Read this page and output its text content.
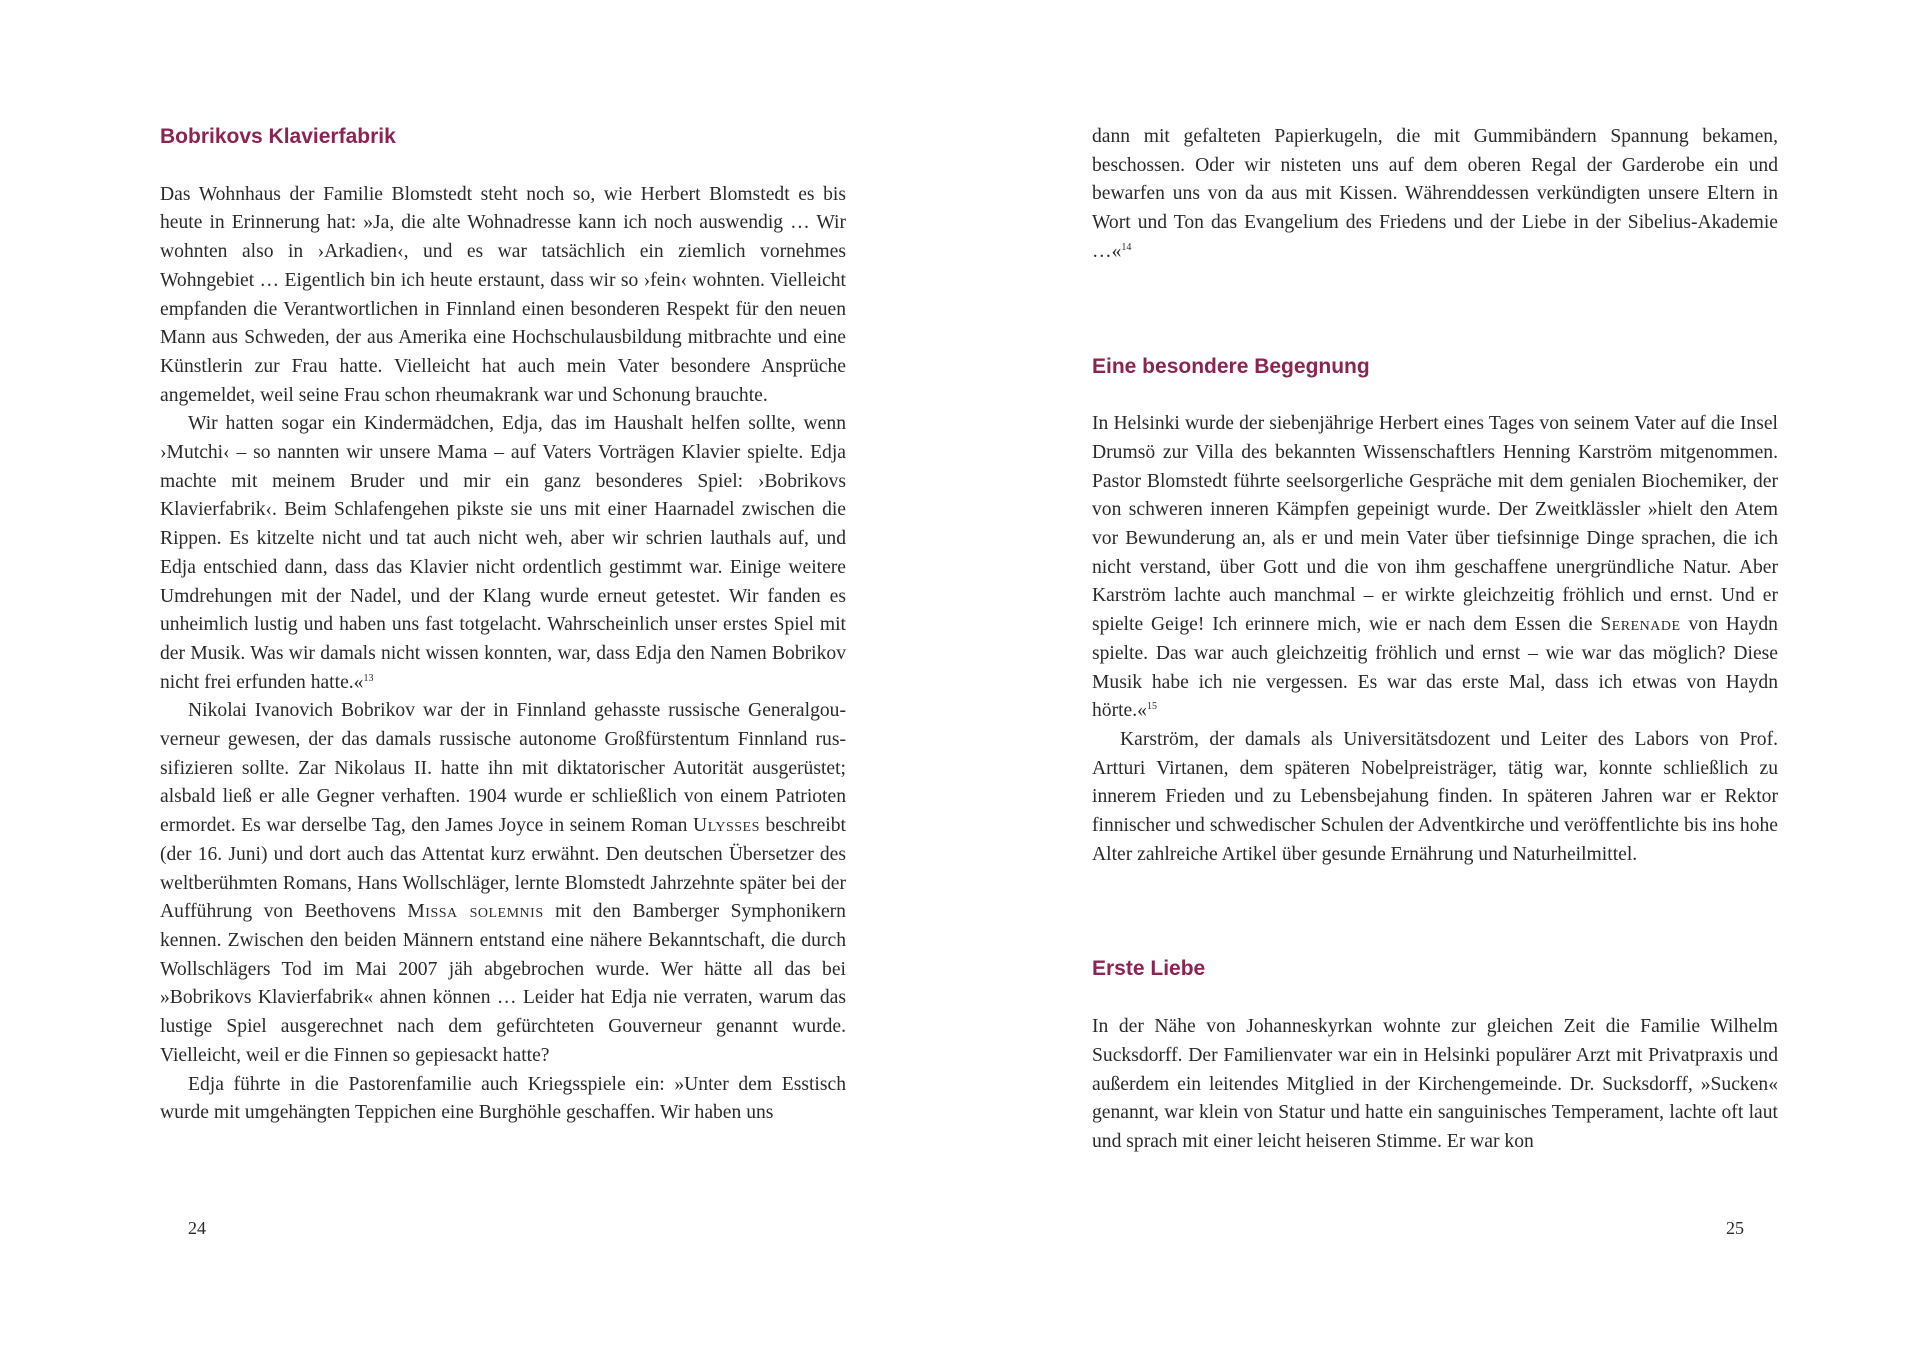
Bobrikovs Klavierfabrik

Das Wohnhaus der Familie Blomstedt steht noch so, wie Herbert Blomstedt es bis heute in Erinnerung hat: »Ja, die alte Wohnadresse kann ich noch auswendig … Wir wohnten also in ›Arkadien‹, und es war tatsächlich ein ziemlich vornehmes Wohngebiet … Eigentlich bin ich heute erstaunt, dass wir so ›fein‹ wohnten. Vielleicht empfanden die Verantwortlichen in Finnland einen besonderen Respekt für den neuen Mann aus Schweden, der aus Amerika eine Hochschulausbildung mitbrachte und eine Künstlerin zur Frau hatte. Vielleicht hat auch mein Vater besondere Ansprüche angemeldet, weil seine Frau schon rheumakrank war und Schonung brauchte.

Wir hatten sogar ein Kindermädchen, Edja, das im Haushalt helfen sollte, wenn ›Mutchi‹ – so nannten wir unsere Mama – auf Vaters Vorträgen Klavier spielte. Edja machte mit meinem Bruder und mir ein ganz besonderes Spiel: ›Bobrikovs Klavierfabrik‹. Beim Schlafengehen pikste sie uns mit einer Haarnadel zwischen die Rippen. Es kitzelte nicht und tat auch nicht weh, aber wir schrien lauthals auf, und Edja entschied dann, dass das Klavier nicht ordentlich gestimmt war. Einige weitere Umdrehungen mit der Nadel, und der Klang wurde erneut getestet. Wir fanden es unheimlich lustig und haben uns fast totgelacht. Wahrscheinlich unser erstes Spiel mit der Musik. Was wir damals nicht wissen konnten, war, dass Edja den Namen Bobrikov nicht frei erfunden hatte.«$^{13}$

Nikolai Ivanovich Bobrikov war der in Finnland gehasste russische Generalgouverneur gewesen, der das damals russische autonome Großfürstentum Finnland russifizieren sollte. Zar Nikolaus II. hatte ihn mit diktatorischer Autorität ausgerüstet; alsbald ließ er alle Gegner verhaften. 1904 wurde er schließlich von einem Patrioten ermordet. Es war derselbe Tag, den James Joyce in seinem Roman Ulysses beschreibt (der 16. Juni) und dort auch das Attentat kurz erwähnt. Den deutschen Übersetzer des weltberühmten Romans, Hans Wollschläger, lernte Blomstedt Jahrzehnte später bei der Aufführung von Beethovens Missa solemnis mit den Bamberger Symphonikern kennen. Zwischen den beiden Männern entstand eine nähere Bekanntschaft, die durch Wollschlägers Tod im Mai 2007 jäh abgebrochen wurde. Wer hätte all das bei »Bobrikovs Klavierfabrik« ahnen können … Leider hat Edja nie verraten, warum das lustige Spiel ausgerechnet nach dem gefürchteten Gouverneur genannt wurde. Vielleicht, weil er die Finnen so gepiesackt hatte?

Edja führte in die Pastorenfamilie auch Kriegsspiele ein: »Unter dem Esstisch wurde mit umgehängten Teppichen eine Burghöhle geschaffen. Wir haben uns

24

dann mit gefalteten Papierkugeln, die mit Gummibändern Spannung bekamen, beschossen. Oder wir nisteten uns auf dem oberen Regal der Garderobe ein und bewarfen uns von da aus mit Kissen. Währenddessen verkündigten unsere Eltern in Wort und Ton das Evangelium des Friedens und der Liebe in der Sibelius-Akademie …«$^{14}$

Eine besondere Begegnung

In Helsinki wurde der siebenjährige Herbert eines Tages von seinem Vater auf die Insel Drumsö zur Villa des bekannten Wissenschaftlers Henning Karström mitgenommen. Pastor Blomstedt führte seelsorgerliche Gespräche mit dem genialen Biochemiker, der von schweren inneren Kämpfen gepeinigt wurde. Der Zweitklässler »hielt den Atem vor Bewunderung an, als er und mein Vater über tiefsinnige Dinge sprachen, die ich nicht verstand, über Gott und die von ihm geschaffene unergründliche Natur. Aber Karström lachte auch manchmal – er wirkte gleichzeitig fröhlich und ernst. Und er spielte Geige! Ich erinnere mich, wie er nach dem Essen die Serenade von Haydn spielte. Das war auch gleichzeitig fröhlich und ernst – wie war das möglich? Diese Musik habe ich nie vergessen. Es war das erste Mal, dass ich etwas von Haydn hörte.«$^{15}$

Karström, der damals als Universitätsdozent und Leiter des Labors von Prof. Artturi Virtanen, dem späteren Nobelpreisträger, tätig war, konnte schließlich zu innerem Frieden und zu Lebensbejahung finden. In späteren Jahren war er Rektor finnischer und schwedischer Schulen der Adventkirche und veröffentlichte bis ins hohe Alter zahlreiche Artikel über gesunde Ernährung und Naturheilmittel.

Erste Liebe

In der Nähe von Johanneskyrkan wohnte zur gleichen Zeit die Familie Wilhelm Sucksdorff. Der Familienvater war ein in Helsinki populärer Arzt mit Privatpraxis und außerdem ein leitendes Mitglied in der Kirchengemeinde. Dr. Sucksdorff, »Sucken« genannt, war klein von Statur und hatte ein sanguinisches Temperament, lachte oft laut und sprach mit einer leicht heiseren Stimme. Er war kon

25
